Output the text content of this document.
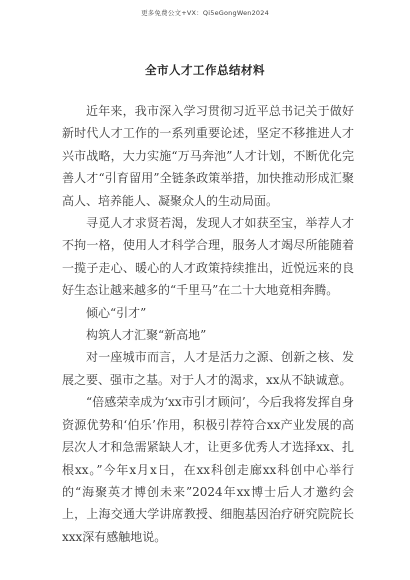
更多免费公文+VX：Qi5eGongWen2024
全市人才工作总结材料

近年来，我市深入学习贯彻习近平总书记关于做好新时代人才工作的一系列重要论述，坚定不移推进人才兴市战略，大力实施“万马奔池”人才计划，不断优化完善人才“引育留用”全链条政策举措，加快推动形成汇聚高人、培养能人、凝聚众人的生动局面。

寻觅人才求贤若渴，发现人才如获至宝，举荐人才不拘一格，使用人才科学合理，服务人才竭尽所能随着一揽子走心、暖心的人才政策持续推出，近悦远来的良好生态让越来越多的“千里马”在二十大地竟相奔腾。

倾心“引才”

构筑人才汇聚“新高地”

对一座城市而言，人才是活力之源、创新之核、发展之要、强市之基。对于人才的渴求，xx从不缺诚意。

“倍感荣幸成为‘xx市引才顾问’，今后我将发挥自身资源优势和‘伯乐’作用，积极引荐符合xx产业发展的高层次人才和急需紧缺人才，让更多优秀人才选择xx、扎根xx。”今年x月x日，在xx科创走廊xx科创中心举行的“海聚英才博创未来”2024年xx博士后人才邀约会上，上海交通大学讲席教授、细胞基因治疗研究院院长xxx深有感触地说。
